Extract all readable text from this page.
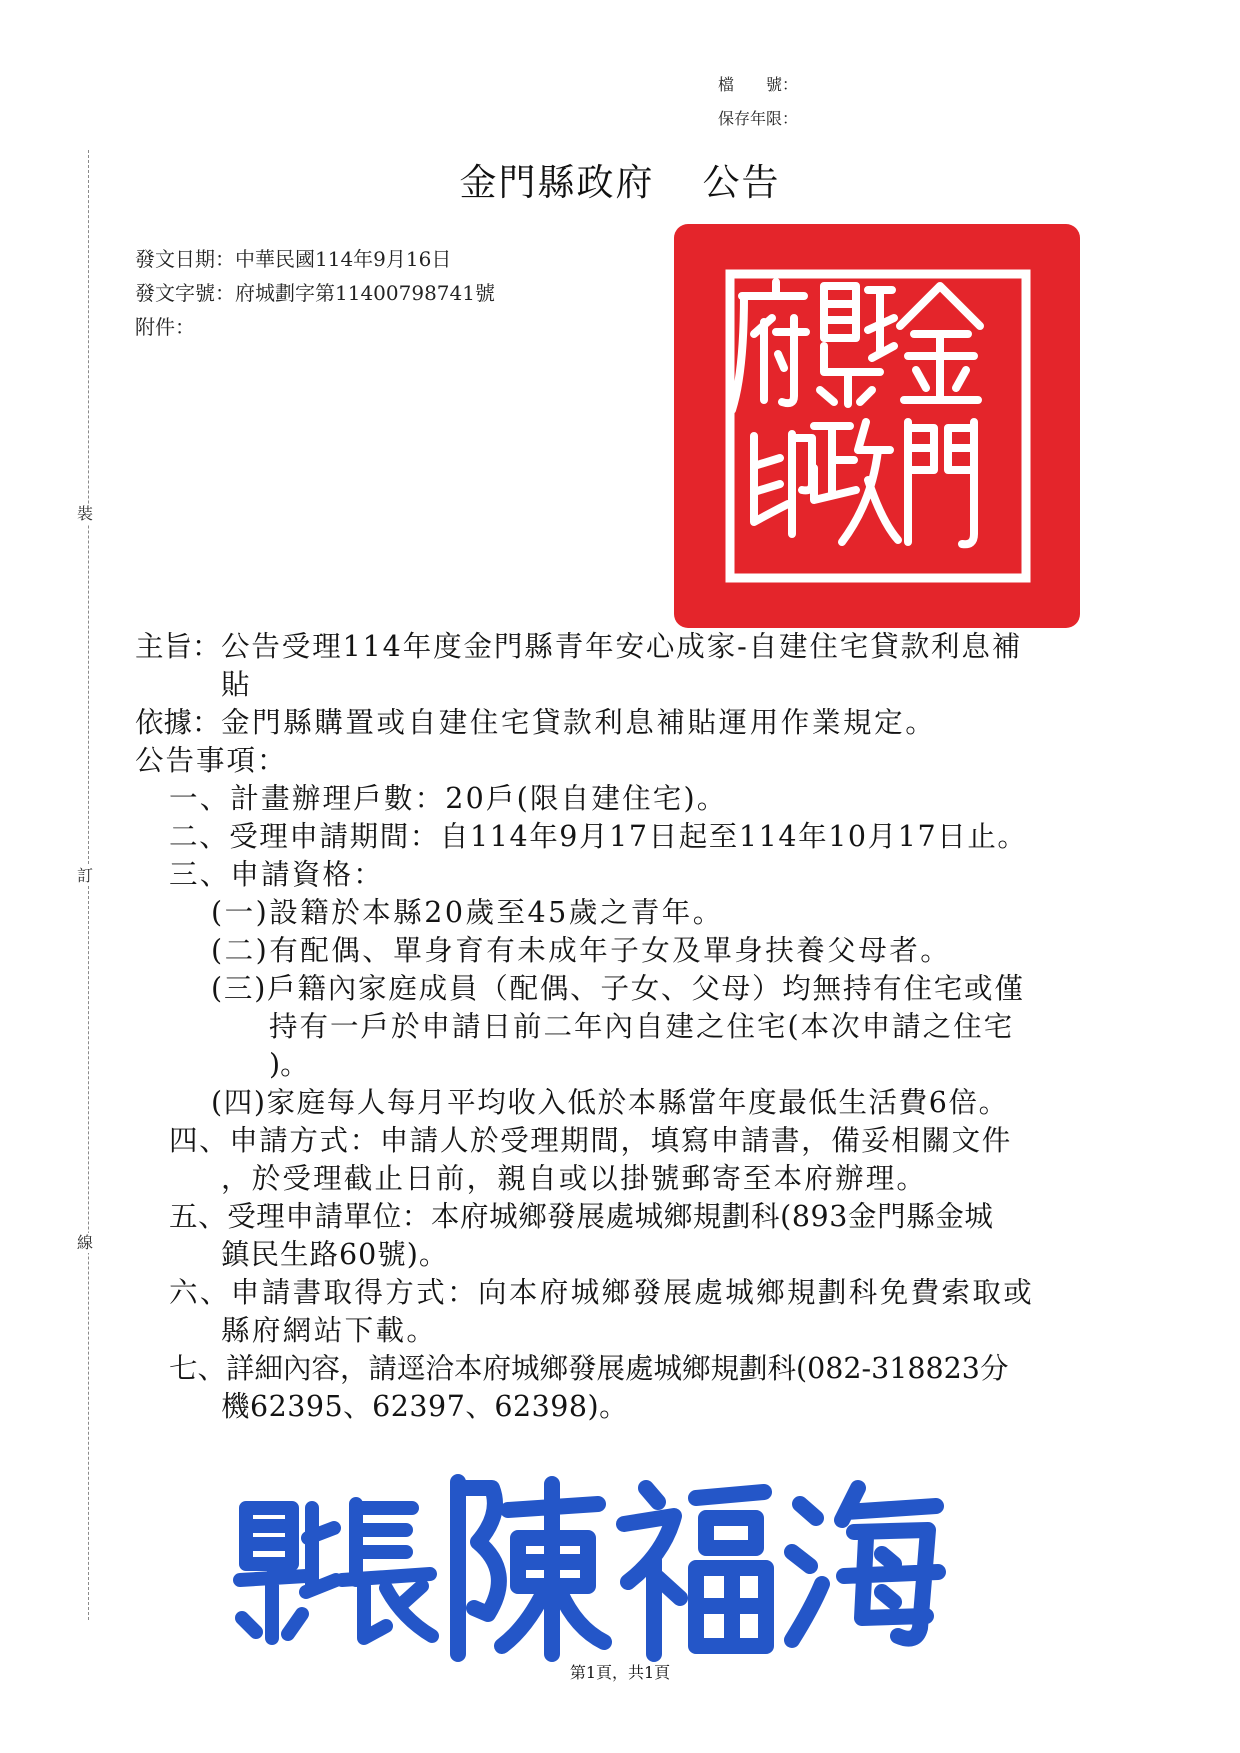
裝
訂
線
檔　　號：
保存年限：
金門縣政府 公告
發文日期：中華民國114年9月16日
發文字號：府城劃字第11400798741號
附件：
主旨： 公告受理114年度金門縣青年安心成家-自建住宅貸款利息補
貼
依據： 金門縣購置或自建住宅貸款利息補貼運用作業規定。
公告事項：
一、計畫辦理戶數：20戶(限自建住宅)。
二、受理申請期間：自114年9月17日起至114年10月17日止。
三、申請資格：
(一)設籍於本縣20歲至45歲之青年。
(二)有配偶、單身育有未成年子女及單身扶養父母者。
(三)戶籍內家庭成員（配偶、子女、父母）均無持有住宅或僅
持有一戶於申請日前二年內自建之住宅(本次申請之住宅
)。
(四)家庭每人每月平均收入低於本縣當年度最低生活費6倍。
四、申請方式：申請人於受理期間，填寫申請書，備妥相關文件
，於受理截止日前，親自或以掛號郵寄至本府辦理。
五、受理申請單位：本府城鄉發展處城鄉規劃科(893金門縣金城
鎮民生路60號)。
六、申請書取得方式：向本府城鄉發展處城鄉規劃科免費索取或
縣府網站下載。
七、詳細內容，請逕洽本府城鄉發展處城鄉規劃科(082-318823分
機62395、62397、62398)。
第1頁，共1頁
